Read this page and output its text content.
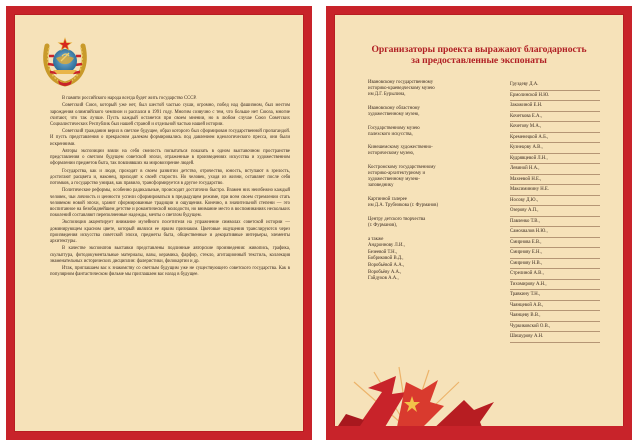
В памяти российского народа всегда будет жить государство СССР.

Советский Союз, который уже нет, был шестой частью суши, огромно, побед над фашизмом, был местом зарождения олимпийского чемпион и распался в 1991 году. Многим созвучно с тем, что больше нет Союза, многие считают, что так лучше. Пусть каждый останется при своем мнении, но в любом случае Союз Советских Социалистических Республик был нашей страной и отдельной частью нашей истории.

Советский гражданин верил в светлое будущее, образ которого был сформирован государственной пропагандой. И пусть представления о прекрасном далеком формировались под давлением идеологического пресса, они были искренними.

Авторы экспозиции взяли на себя смелость попытаться показать в одном выставочном пространстве представления о светлом будущем советской эпохи, отраженные в произведениях искусства и художественном оформлении предметов быта, так повлиявших на мировоззрение людей.

Государства, как и люди, проходят в своем развитии детство, отрочество, юность, вступают в зрелость, достигают расцвета и, наконец, приходят к своей старости. Но человек, уходя из жизни, оставляет после себя потомков, а государство умирая, как правило, трансформируется в другое государство.

Политические реформы, особенно радикальные, происходят достаточно быстро. Взамен них неизбежно каждый человек, чьи личность и ценности успели сформироваться в предыдущем режиме, при всем своем стремлении стать человеком новой эпохи, хранит сформированные традиции и ощущения. Конечно, в значительной степени — это воспитанное на безобиднейшем детстве и романтической молодости, но внимание место в воспоминаниях нескольких поколений составляют переполненные надежды, мечты о светлом будущем.

Экспозиция акцентирует внимание музейного посетителя на упражнение символах советской истории — доминирующем красном цвете, который являлся ее ярким признаком. Цветовые ощущения транслируются через произведения искусства советской эпохи, предметы быта, общественные и декоративные интерьеры, элементы архитектуры.

В качестве экспонатов выставки представлены подлинные авторские произведения: живопись, графика, скульптура, фотодокументальные материалы, вазы, керамика, фарфор, стекло, агитационный текстиль, коллекция знаменательных исторических дисциплин: фалеристики, филокартии и др.

Итак, приглашаем вас к знакомству со светлым будущим уже не существующего советского государства. Как в популярном фантастическом фильме мы приглашаем вас назад в будущее.

Организаторы проекта выражают благодарность
за предоставленные экспонаты
Ивановскому государственному
историко-краеведческому музею
им Д.Г. Бурылина,
Ивановскому областному
художественному музею,
Государственному музею
палехского искусства,
Кинешемскому художественно-
историческому музею,
Костромскому государственному
историко-архитектурному и
художественному музею-
заповеднику
Картинной галерее
им Д.А. Трубникова (г. Фурманов)
Центру детского творчества
(г. Фурманов),
а также
Андроннову Л.И.,
Безеевой Т.Н.,
Бобриковой В.Д.,
Воробьёвой А.А.,
Воробьёву А.А.,
Гайдуков А.А.,
Груздеву Д.А.
Ермолинской Н.Ю.
Закожиной Е.Н.
Кочеткова Е.А.,
Кочетову М.А.,
Кременецкой А.Б.,
Кузнецову А.В.,
Кудрявцевой Л.Н.,
Левиной Н.А.,
Махеевой Н.Е.,
Максиминину Н.Е.
Носову Д.Ю.,
Озерову А.П.,
Павленко Т.В.,
Самохвалов Н.Ю.,
Смирнова Е.В.,
Смирнову Е.Н.,
Смирнову Н.В.,
Стрелиной А.В.,
Тихомирову А.Н.,
Травкину Т.Н.,
Чаянцевой А.В.,
Чаянцеву В.В.,
Чуркиковской О.В.,
Шишурову А.Н.
